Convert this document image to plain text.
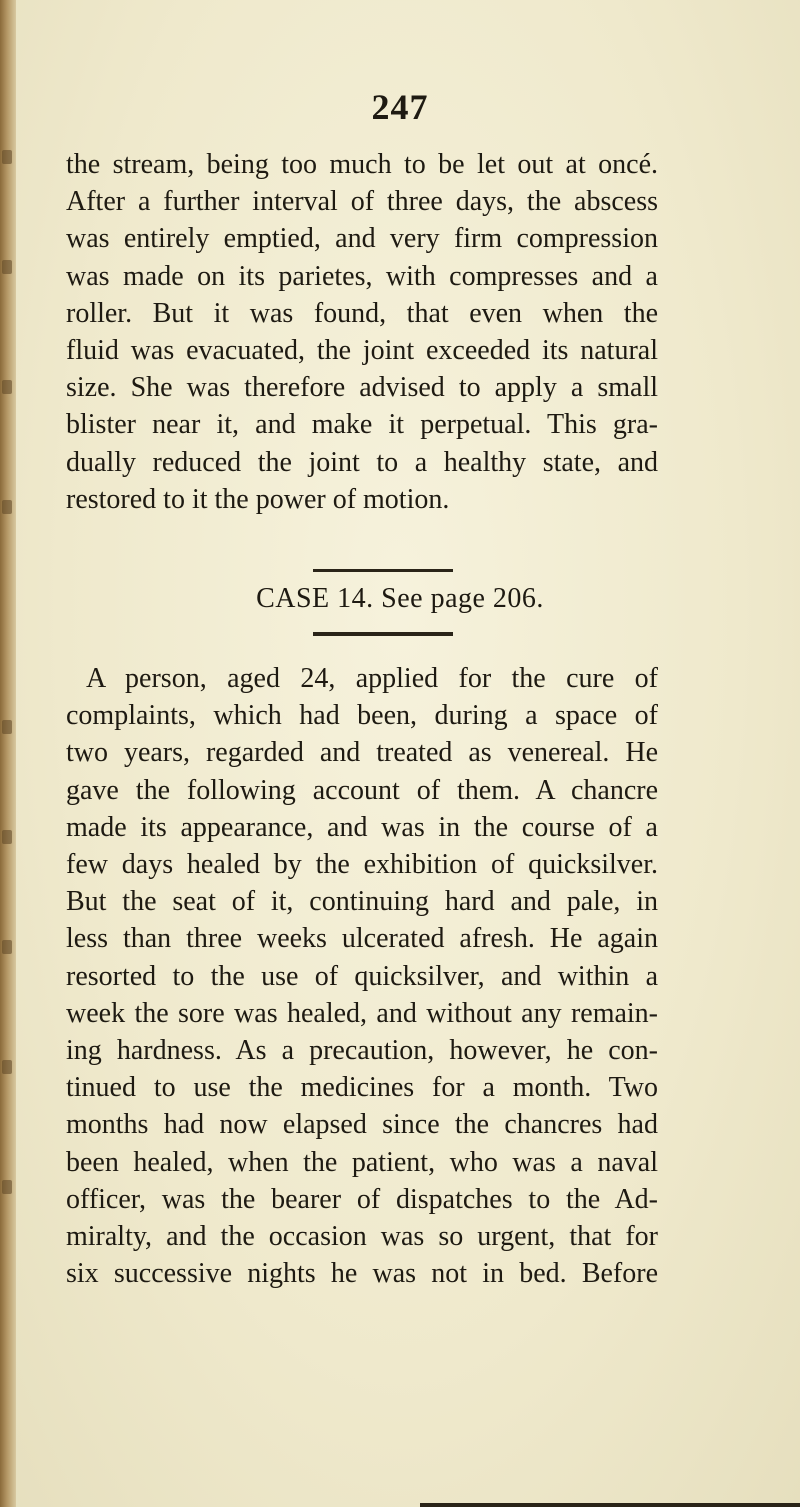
247
the stream, being too much to be let out at oncé.
After a further interval of three days, the abscess
was entirely emptied, and very firm compression
was made on its parietes, with compresses and a
roller. But it was found, that even when the
fluid was evacuated, the joint exceeded its natural
size. She was therefore advised to apply a small
blister near it, and make it perpetual. This gra-
dually reduced the joint to a healthy state, and
restored to it the power of motion.
CASE 14. See page 206.
A person, aged 24, applied for the cure of
complaints, which had been, during a space of
two years, regarded and treated as venereal. He
gave the following account of them. A chancre
made its appearance, and was in the course of a
few days healed by the exhibition of quicksilver.
But the seat of it, continuing hard and pale, in
less than three weeks ulcerated afresh. He again
resorted to the use of quicksilver, and within a
week the sore was healed, and without any remain-
ing hardness. As a precaution, however, he con-
tinued to use the medicines for a month. Two
months had now elapsed since the chancres had
been healed, when the patient, who was a naval
officer, was the bearer of dispatches to the Ad-
miralty, and the occasion was so urgent, that for
six successive nights he was not in bed. Before
